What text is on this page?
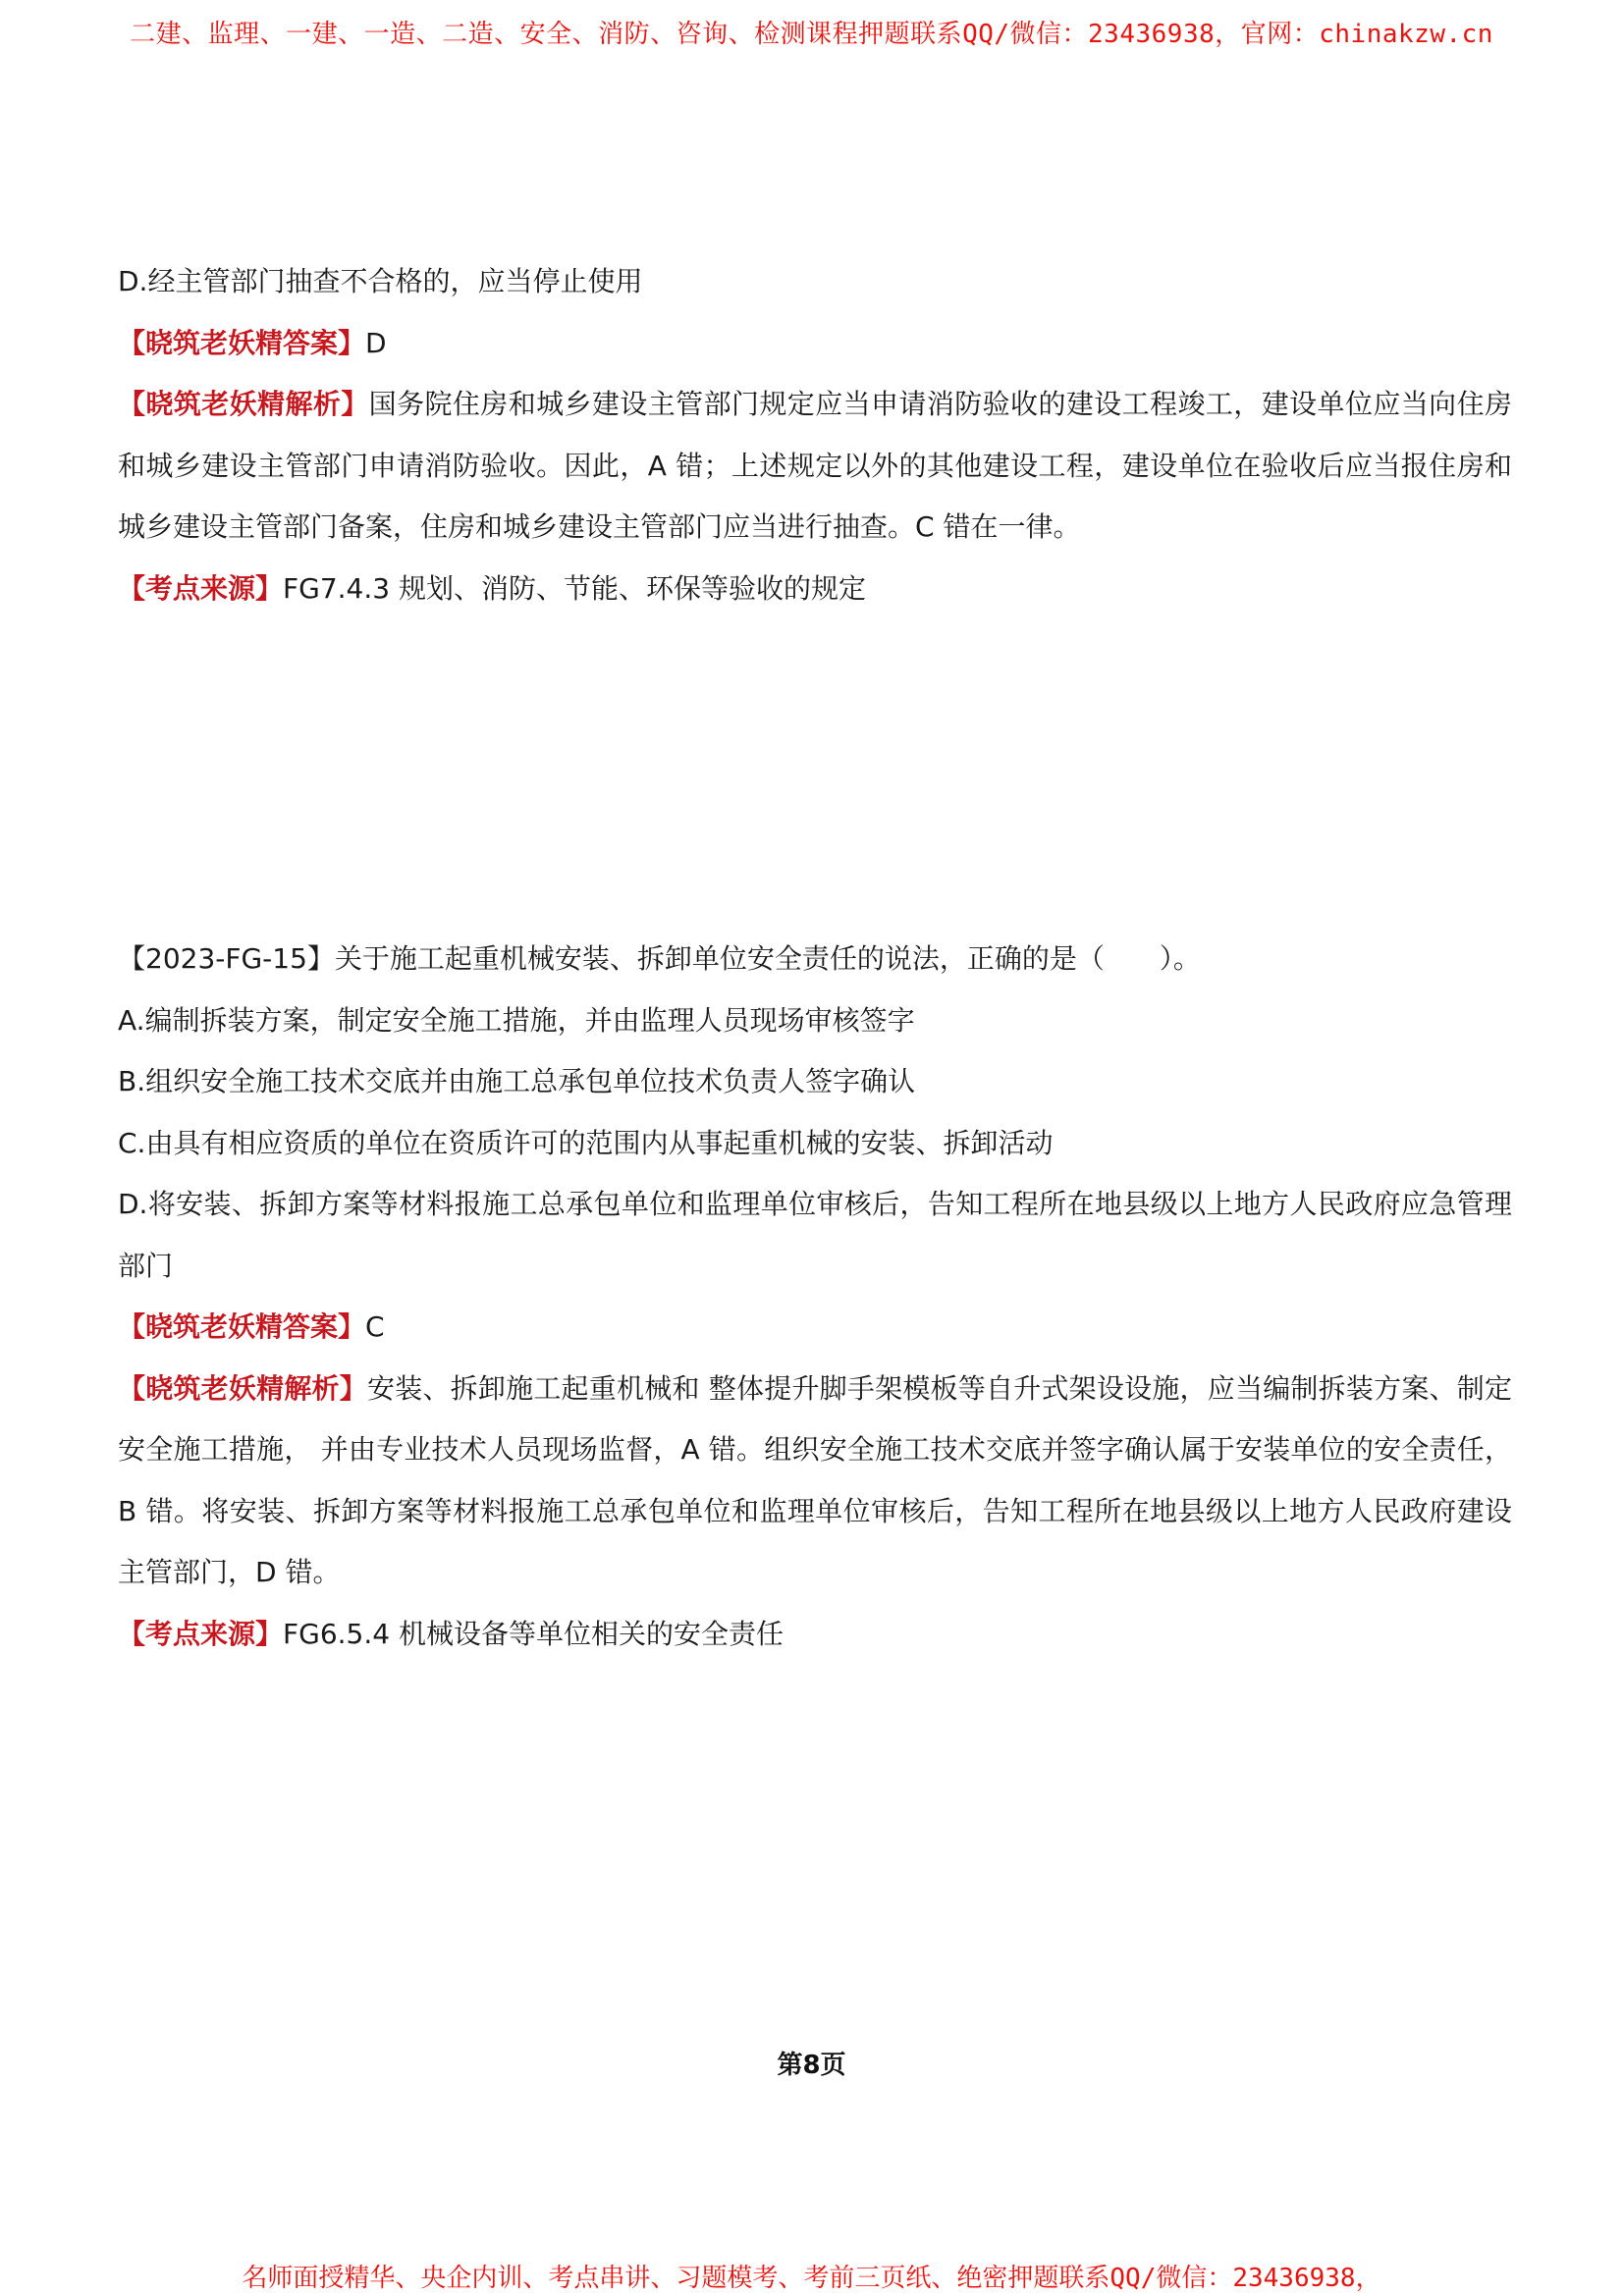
二建、监理、一建、一造、二造、安全、消防、咨询、检测课程押题联系QQ/微信：23436938，官网：chinakzw.cn
D.经主管部门抽查不合格的，应当停止使用
【晓筑老妖精答案】D
【晓筑老妖精解析】国务院住房和城乡建设主管部门规定应当申请消防验收的建设工程竣工，建设单位应当向住房和城乡建设主管部门申请消防验收。因此，A 错；上述规定以外的其他建设工程，建设单位在验收后应当报住房和城乡建设主管部门备案，住房和城乡建设主管部门应当进行抽查。C 错在一律。
【考点来源】FG7.4.3 规划、消防、节能、环保等验收的规定
【2023-FG-15】关于施工起重机械安装、拆卸单位安全责任的说法，正确的是（　　）。
A.编制拆装方案，制定安全施工措施，并由监理人员现场审核签字
B.组织安全施工技术交底并由施工总承包单位技术负责人签字确认
C.由具有相应资质的单位在资质许可的范围内从事起重机械的安装、拆卸活动
D.将安装、拆卸方案等材料报施工总承包单位和监理单位审核后，告知工程所在地县级以上地方人民政府应急管理部门
【晓筑老妖精答案】C
【晓筑老妖精解析】安装、拆卸施工起重机械和 整体提升脚手架模板等自升式架设设施，应当编制拆装方案、制定安全施工措施， 并由专业技术人员现场监督，A 错。组织安全施工技术交底并签字确认属于安装单位的安全责任，B 错。将安装、拆卸方案等材料报施工总承包单位和监理单位审核后，告知工程所在地县级以上地方人民政府建设主管部门，D 错。
【考点来源】FG6.5.4 机械设备等单位相关的安全责任
第8页
名师面授精华、央企内训、考点串讲、习题模考、考前三页纸、绝密押题联系QQ/微信：23436938，
